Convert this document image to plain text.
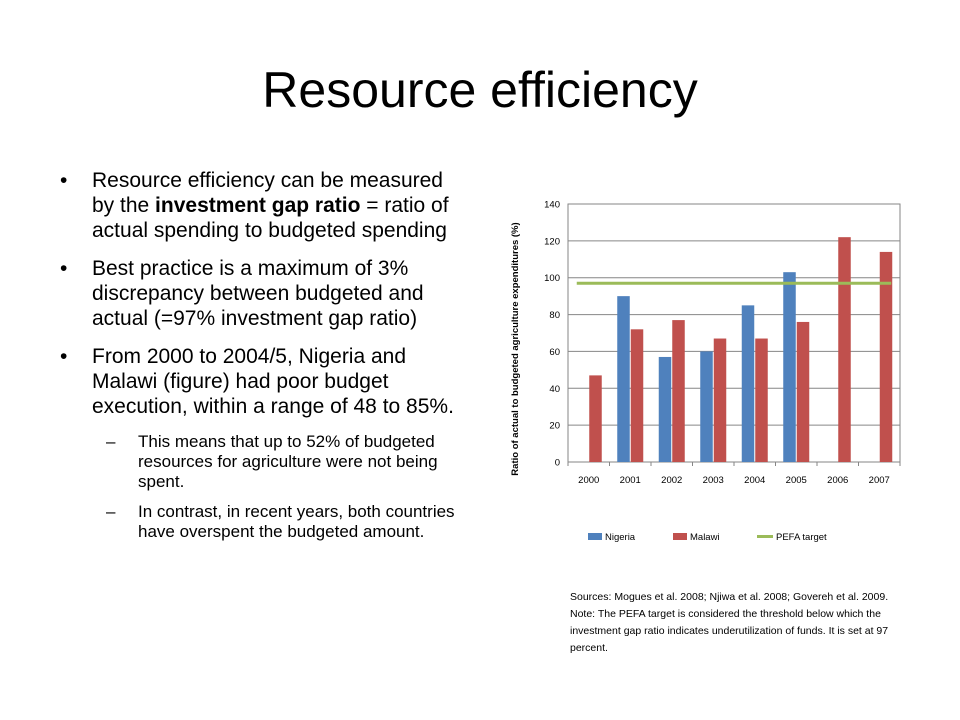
Resource efficiency
• Resource efficiency can be measured by the investment gap ratio = ratio of actual spending to budgeted spending
• Best practice is a maximum of 3% discrepancy between budgeted and actual (=97% investment gap ratio)
• From 2000 to 2004/5, Nigeria and Malawi (figure) had poor budget execution, within a range of 48 to 85%.
– This means that up to 52% of budgeted resources for agriculture were not being spent.
– In contrast, in recent years, both countries have overspent the budgeted amount.
0
20
40
60
80
100
120
140
2000 2001 2002 2003 2004 2005 2006 2007
Ratio of actual to budgeted agriculture expenditures (%)
Nigeria	Malawi	PEFA target
Sources: Mogues et al. 2008; Njiwa et al. 2008; Govereh et al. 2009.
Note: The PEFA target is considered the threshold below which the investment gap ratio indicates underutilization of funds. It is set at 97 percent.
